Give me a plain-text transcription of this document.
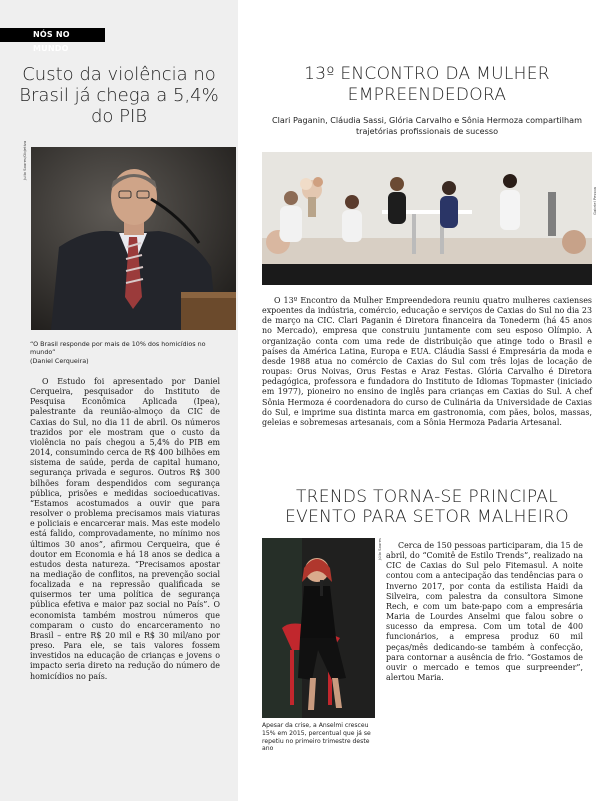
NÓS NO MUNDO
Custo da violência no Brasil já chega a 5,4% do PIB
Julio Soares/Objetiva
“O Brasil responde por mais de 10% dos homicídios no mundo”
(Daniel Cerqueira)
O Estudo foi apresentado por Daniel Cerqueira, pesquisador do Instituto de Pesquisa Econômica Aplicada (Ipea), palestrante da reunião-almoço da CIC de Caxias do Sul, no dia 11 de abril. Os números trazidos por ele mostram que o custo da violência no país chegou a 5,4% do PIB em 2014, consumindo cerca de R$ 400 bilhões em sistema de saúde, perda de capital humano, segurança privada e seguros. Outros R$ 300 bilhões foram despendidos com segurança pública, prisões e medidas socioeducativas. “Estamos acostumados a ouvir que para resolver o problema precisamos mais viaturas e policiais e encarcerar mais. Mas este modelo está falido, comprovadamente, no mínimo nos últimos 30 anos”, afirmou Cerqueira, que é doutor em Economia e há 18 anos se dedica a estudos desta natureza. “Precisamos apostar na mediação de conflitos, na prevenção social focalizada e na repressão qualificada se quisermos ter uma política de segurança pública efetiva e maior paz social no País”. O economista também mostrou números que comparam o custo do encarceramento no Brasil – entre R$ 20 mil e R$ 30 mil/ano por preso. Para ele, se tais valores fossem investidos na educação de crianças e jovens o impacto seria direto na redução do número de homicídios no país.
13º ENCONTRO DA MULHER EMPREENDEDORA
Clari Paganin, Cláudia Sassi, Glória Carvalho e Sônia Hermoza compartilham trajetórias profissionais de sucesso
Gabriel Pessoa
O 13º Encontro da Mulher Empreendedora reuniu quatro mulheres caxienses expoentes da indústria, comércio, educação e serviços de Caxias do Sul no dia 23 de março na CIC. Clari Paganin é Diretora financeira da Tonederm (há 45 anos no Mercado), empresa que construiu juntamente com seu esposo Olímpio. A organização conta com uma rede de distribuição que atinge todo o Brasil e países da América Latina, Europa e EUA. Cláudia Sassi é Empresária da moda e desde 1988 atua no comércio de Caxias do Sul com três lojas de locação de roupas: Orus Noivas, Orus Festas e Araz Festas. Glória Carvalho é Diretora pedagógica, professora e fundadora do Instituto de Idiomas Topmaster (iniciado em 1977), pioneiro no ensino de inglês para crianças em Caxias do Sul. A chef Sônia Hermoza é coordenadora do curso de Culinária da Universidade de Caxias do Sul, e imprime sua distinta marca em gastronomia, com pães, bolos, massas, geleias e sobremesas artesanais, com a Sônia Hermoza Padaria Artesanal.
TRENDS TORNA-SE PRINCIPAL EVENTO PARA SETOR MALHEIRO
Júlio Soares
Apesar da crise, a Anselmi cresceu 15% em 2015, percentual que já se repetiu no primeiro trimestre deste ano
Cerca de 150 pessoas participaram, dia 15 de abril, do “Comitê de Estilo Trends”, realizado na CIC de Caxias do Sul pelo Fitemasul. A noite contou com a antecipação das tendências para o Inverno 2017, por conta da estilista Haidi da Silveira, com palestra da consultora Simone Rech, e com um bate-papo com a empresária Maria de Lourdes Anselmi que falou sobre o sucesso da empresa. Com um total de 400 funcionários, a empresa produz 60 mil peças/mês dedicando-se também à confecção, para contornar a ausência de frio. “Gostamos de ouvir o mercado e temos que surpreender”, alertou Maria.
